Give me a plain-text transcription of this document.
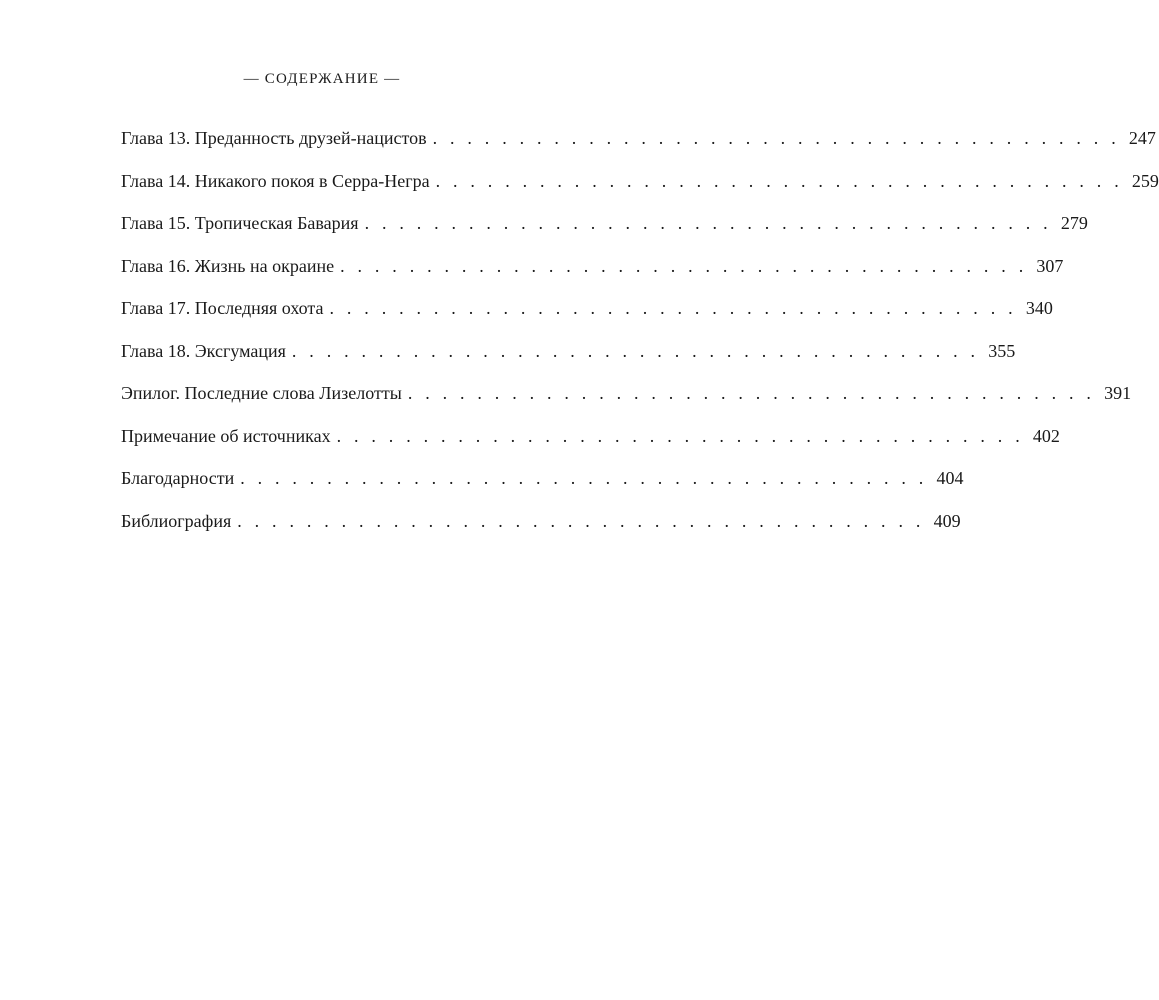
— СОДЕРЖАНИЕ —
Глава 13. Преданность друзей-нацистов . . . . . . . . . . . . . . . . . . . . . . . . . . . . . . . . . . . . . . . . 247
Глава 14. Никакого покоя в Серра-Негра . . . . . . . . . . . . . . . . . . . . . . . . . . . . . . . . . . . . . . . . 259
Глава 15. Тропическая Бавария . . . . . . . . . . . . . . . . . . . . . . . . . . . . . . . . . . . . . . . . 279
Глава 16. Жизнь на окраине . . . . . . . . . . . . . . . . . . . . . . . . . . . . . . . . . . . . . . . . 307
Глава 17. Последняя охота . . . . . . . . . . . . . . . . . . . . . . . . . . . . . . . . . . . . . . . . 340
Глава 18. Эксгумация . . . . . . . . . . . . . . . . . . . . . . . . . . . . . . . . . . . . . . . . 355
Эпилог. Последние слова Лизелотты . . . . . . . . . . . . . . . . . . . . . . . . . . . . . . . . . . . . . . . . 391
Примечание об источниках . . . . . . . . . . . . . . . . . . . . . . . . . . . . . . . . . . . . . . . . 402
Благодарности . . . . . . . . . . . . . . . . . . . . . . . . . . . . . . . . . . . . . . . . 404
Библиография . . . . . . . . . . . . . . . . . . . . . . . . . . . . . . . . . . . . . . . . 409
